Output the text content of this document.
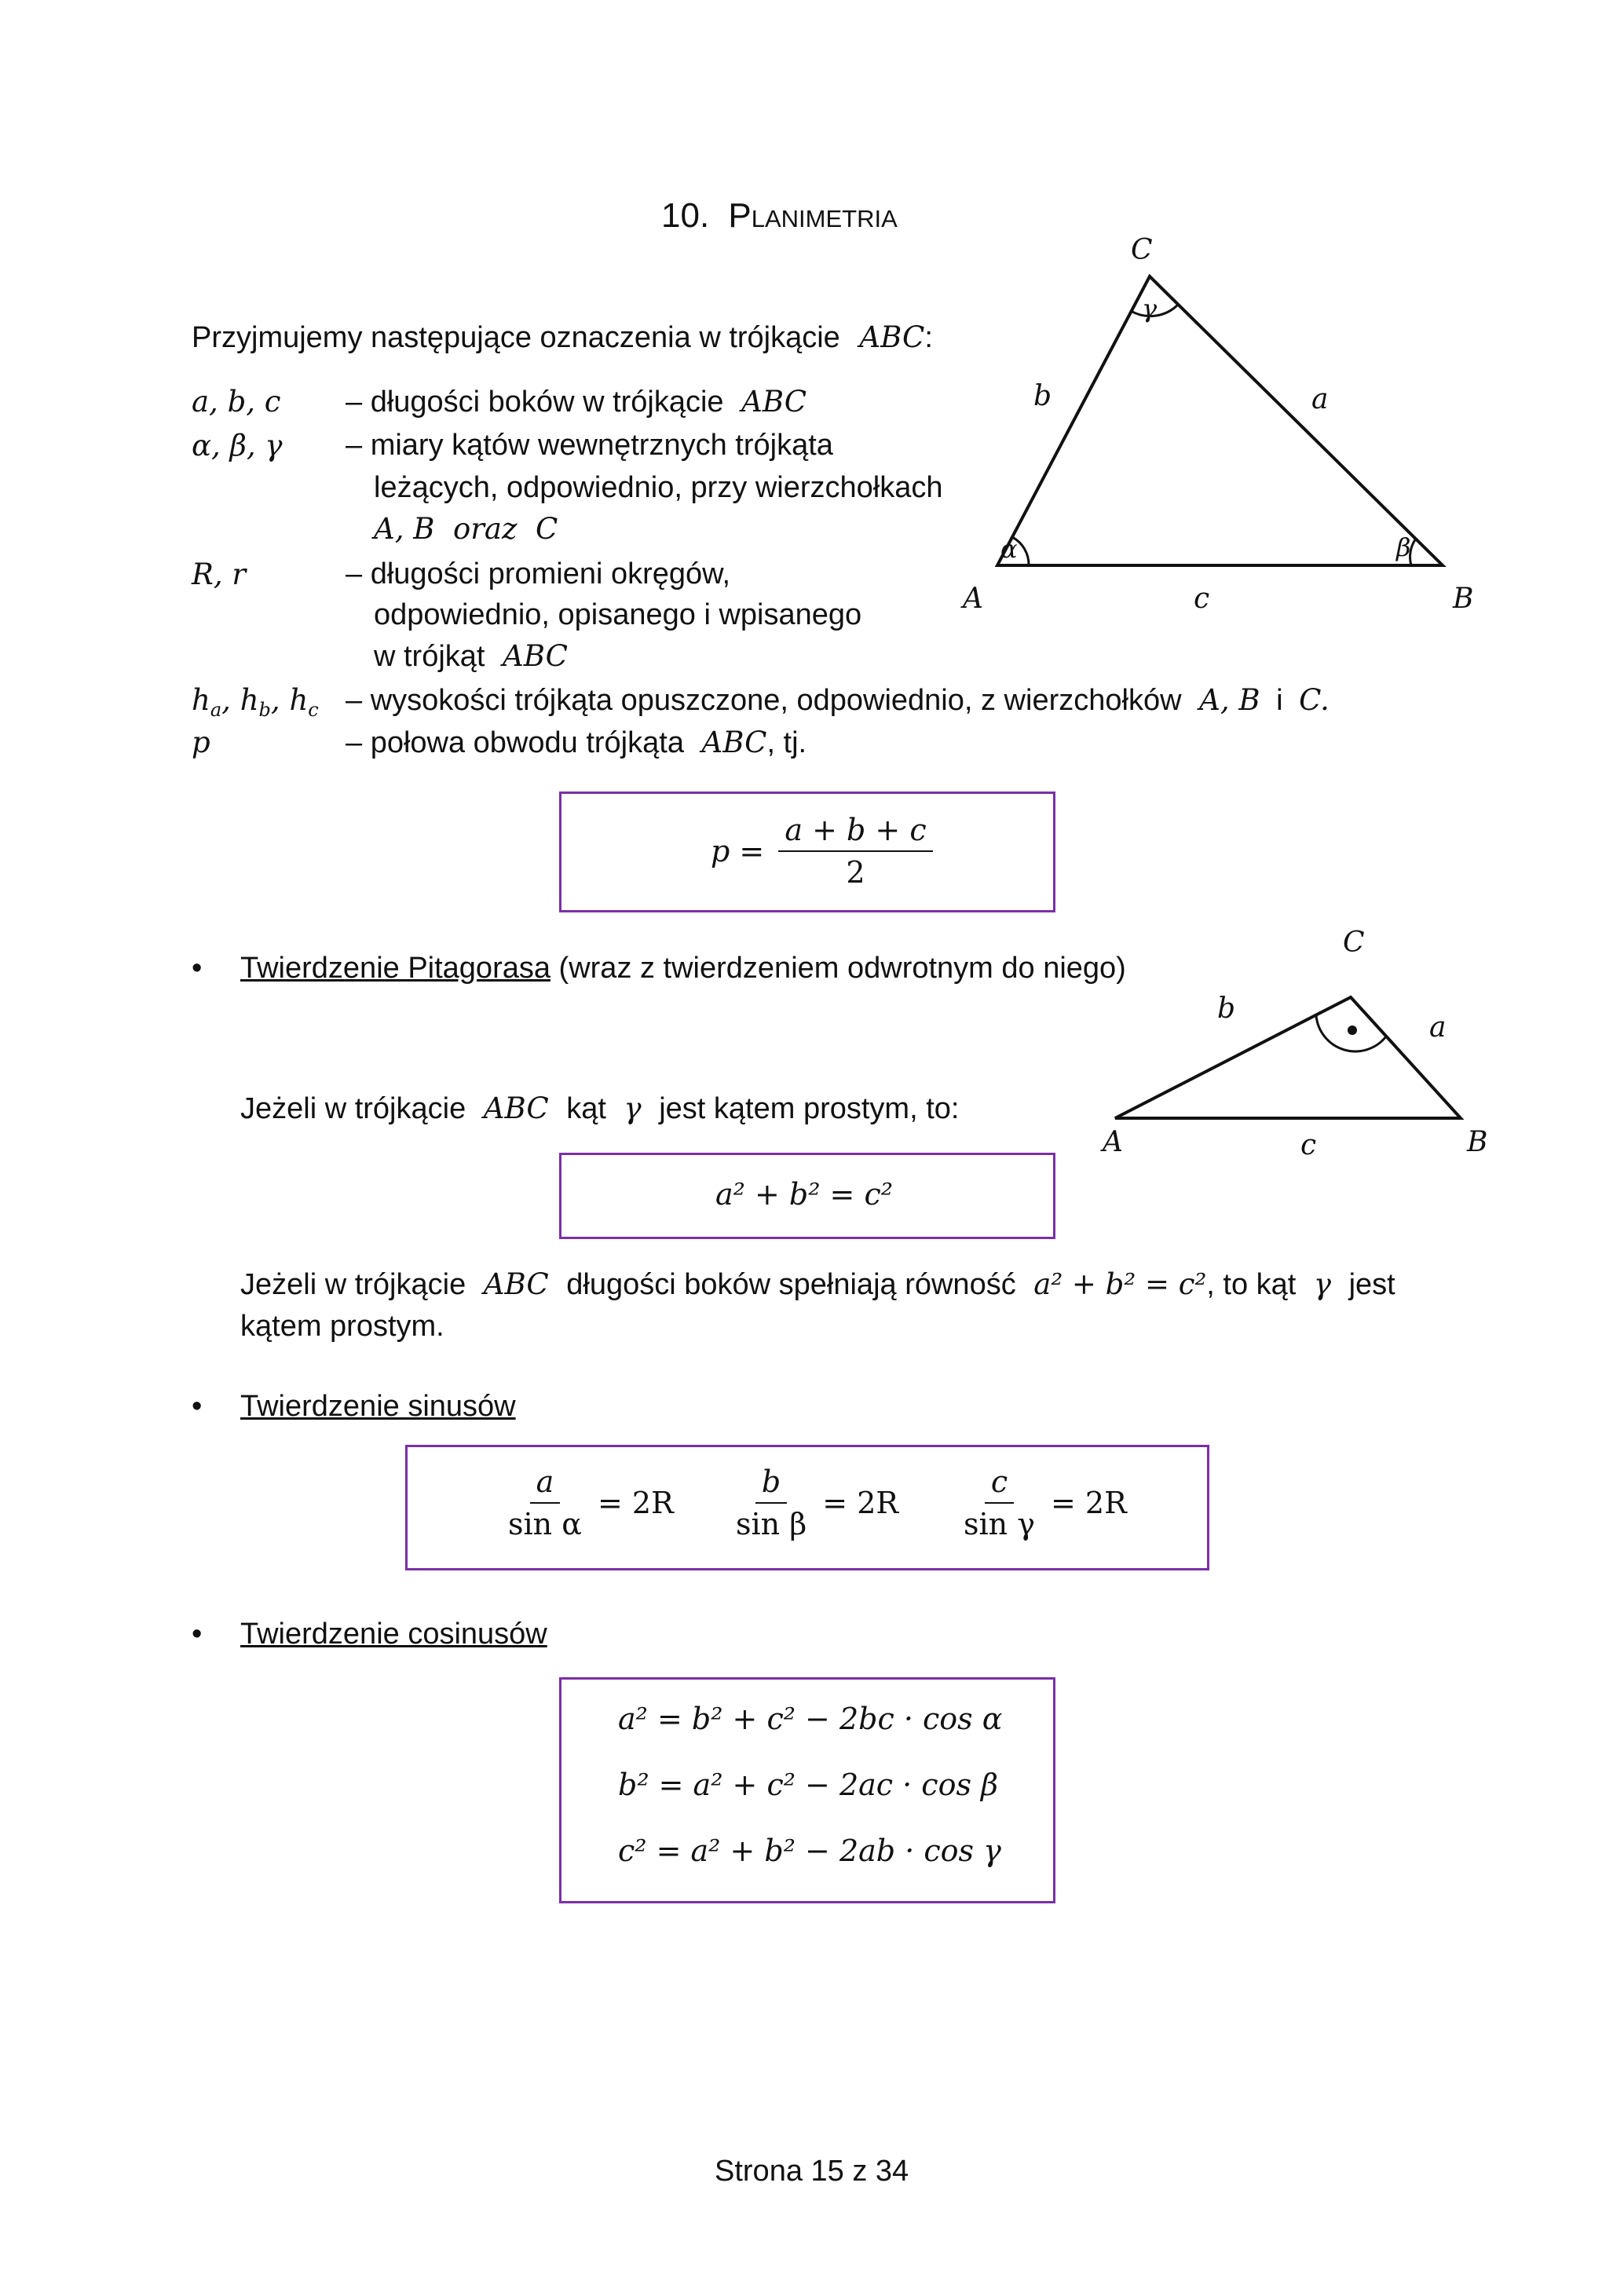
10. Planimetria
Przyjmujemy następujące oznaczenia w trójkącie ABC:
a, b, c – długości boków w trójkącie ABC
α, β, γ – miary kątów wewnętrznych trójkąta
leżących, odpowiednio, przy wierzchołkach
A, B  oraz  C
R, r	– długości promieni okręgów,
odpowiednio, opisanego i wpisanego
w trójkąt ABC
$h_a$, $h_b$, $h_c$ – wysokości trójkąta opuszczone, odpowiednio, z wierzchołków A, B i C.
p	– połowa obwodu trójkąta ABC, tj.
A	B
C
a
b
c
α	β
γ
$p = \frac{a + b + c}{2}$
• Twierdzenie Pitagorasa (wraz z twierdzeniem odwrotnym do niego)
A	B
C
a
b
c
Jeżeli w trójkącie ABC kąt γ jest kątem prostym, to:
a² + b² = c²
Jeżeli w trójkącie ABC długości boków spełniają równość a² + b² = c², to kąt γ jest
kątem prostym.
• Twierdzenie sinusów
$\frac{a}{\text{sin α}} = 2R \frac{b}{\text{sin β}} = 2R \frac{c}{\text{sin γ}} = 2R$
• Twierdzenie cosinusów
a² = b² + c² − 2bc · cos α
b² = a² + c² − 2ac · cos β
c² = a² + b² − 2ab · cos γ
Strona 15 z 34
